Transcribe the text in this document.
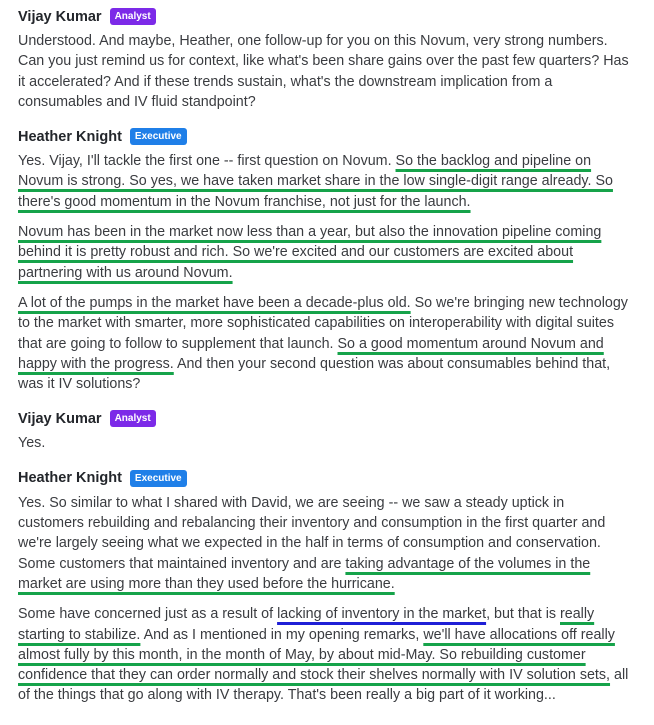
Vijay Kumar	Analyst

Understood. And maybe, Heather, one follow-up for you on this Novum, very strong numbers. Can you just remind us for context, like what's been share gains over the past few quarters? Has it accelerated? And if these trends sustain, what's the downstream implication from a consumables and IV fluid standpoint?

Heather Knight	Executive

Yes. Vijay, I'll tackle the first one -- first question on Novum. So the backlog and pipeline on Novum is strong. So yes, we have taken market share in the low single-digit range already. So there's good momentum in the Novum franchise, not just for the launch.

Novum has been in the market now less than a year, but also the innovation pipeline coming behind it is pretty robust and rich. So we're excited and our customers are excited about partnering with us around Novum.

A lot of the pumps in the market have been a decade-plus old. So we're bringing new technology to the market with smarter, more sophisticated capabilities on interoperability with digital suites that are going to follow to supplement that launch. So a good momentum around Novum and happy with the progress. And then your second question was about consumables behind that, was it IV solutions?

Vijay Kumar	Analyst

Yes.

Heather Knight	Executive

Yes. So similar to what I shared with David, we are seeing -- we saw a steady uptick in customers rebuilding and rebalancing their inventory and consumption in the first quarter and we're largely seeing what we expected in the half in terms of consumption and conservation. Some customers that maintained inventory and are taking advantage of the volumes in the market are using more than they used before the hurricane.

Some have concerned just as a result of lacking of inventory in the market, but that is really starting to stabilize. And as I mentioned in my opening remarks, we'll have allocations off really almost fully by this month, in the month of May, by about mid-May. So rebuilding customer confidence that they can order normally and stock their shelves normally with IV solution sets, all of the things that go along with IV therapy. That's been really a big part of it working...
